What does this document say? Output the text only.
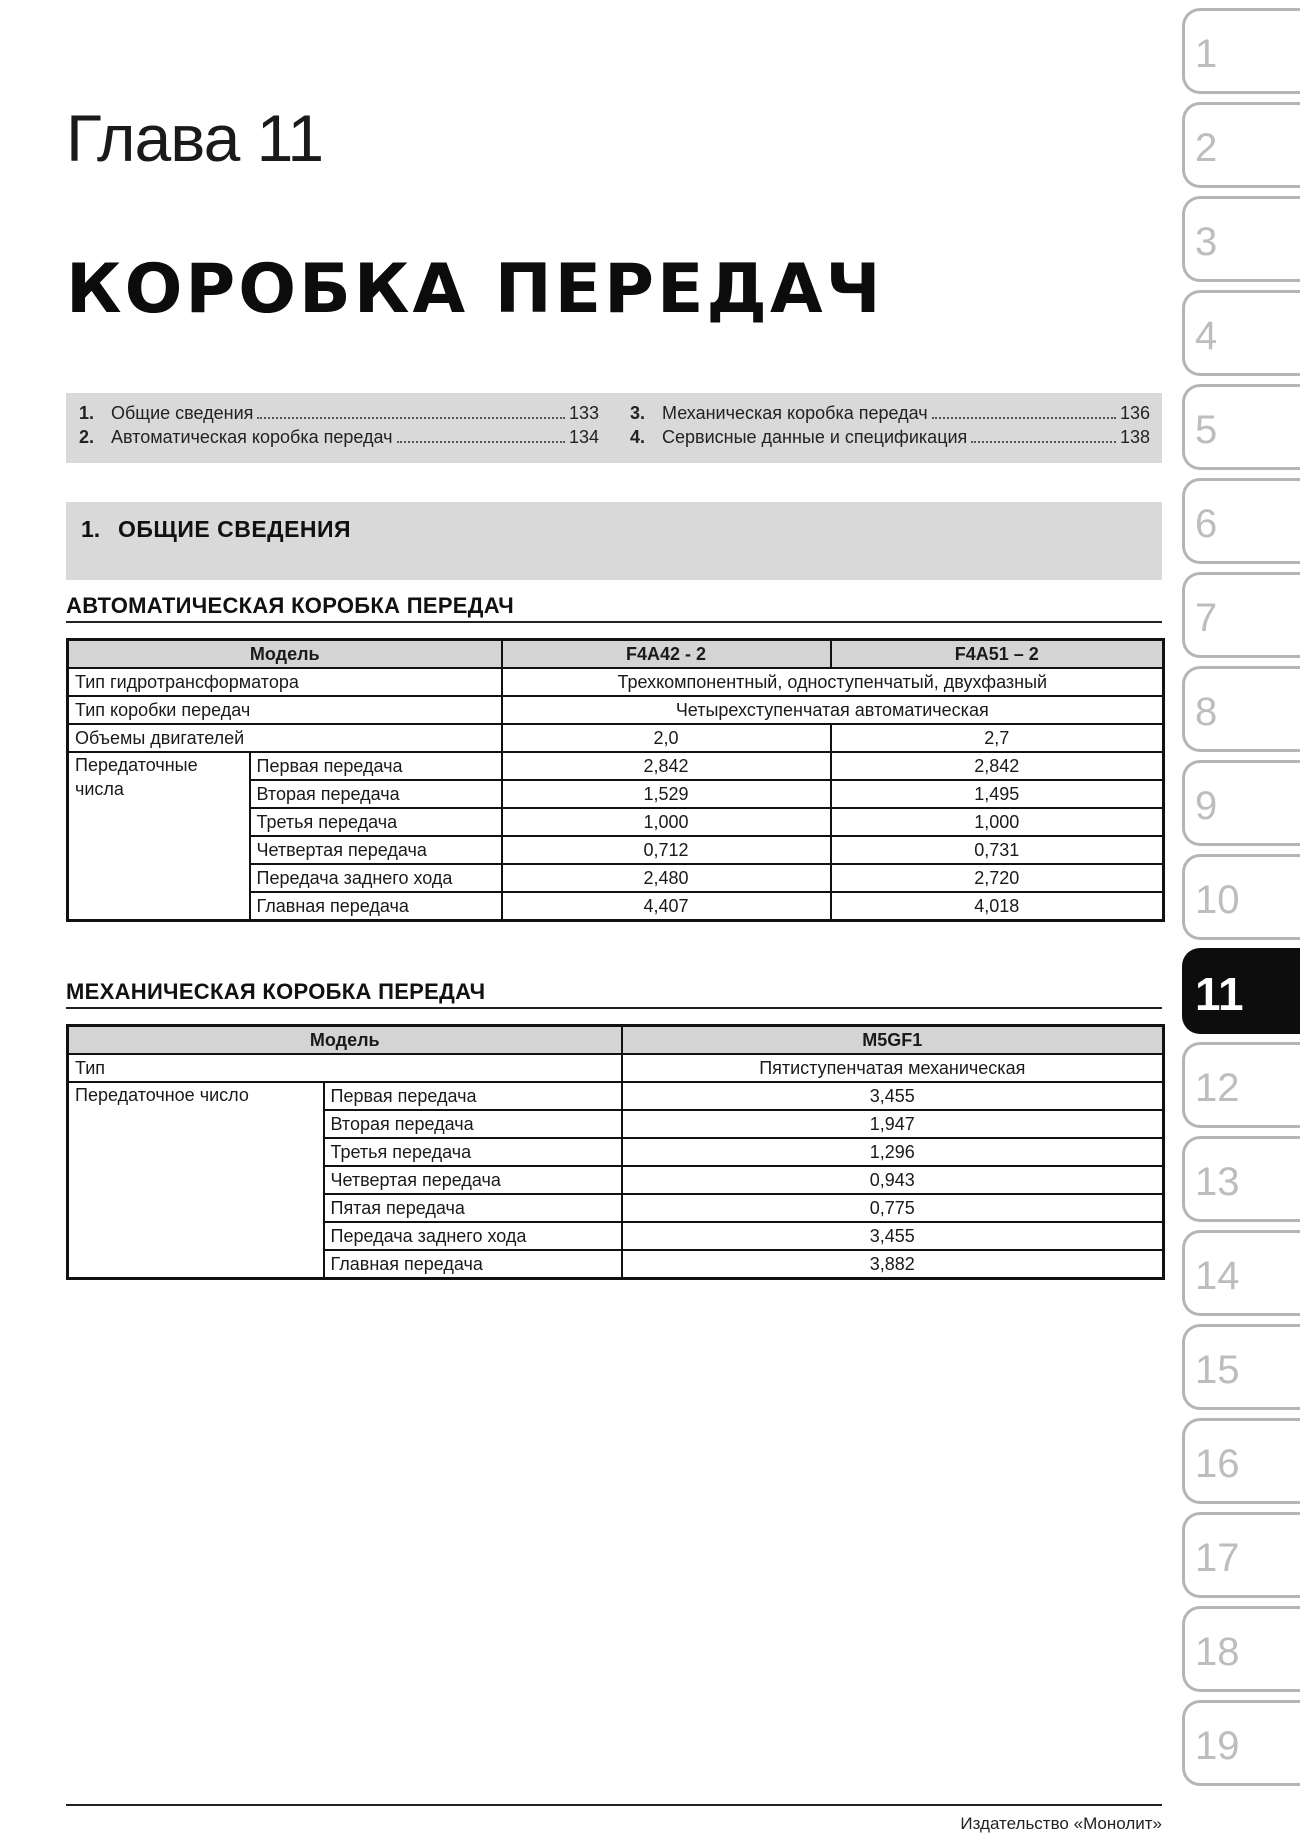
Глава 11
КОРОБКА ПЕРЕДАЧ
1. Общие сведения	133
2. Автоматическая коробка передач	134
3. Механическая коробка передач	136
4. Сервисные данные и спецификация	138
1. ОБЩИЕ СВЕДЕНИЯ
АВТОМАТИЧЕСКАЯ КОРОБКА ПЕРЕДАЧ
Модель		F4A42 - 2	F4A51 – 2
Тип гидротрансформатора		Трехкомпонентный, одноступенчатый, двухфазный	
Тип коробки передач		Четырехступенчатая автоматическая	
Объемы двигателей		2,0	2,7
Передаточные числа	Первая передача	2,842	2,842
	Вторая передача	1,529	1,495
	Третья передача	1,000	1,000
	Четвертая передача	0,712	0,731
	Передача заднего хода	2,480	2,720
	Главная передача	4,407	4,018
МЕХАНИЧЕСКАЯ КОРОБКА ПЕРЕДАЧ
Модель		M5GF1
Тип		Пятиступенчатая механическая
Передаточное число	Первая передача	3,455
	Вторая передача	1,947
	Третья передача	1,296
	Четвертая передача	0,943
	Пятая передача	0,775
	Передача заднего хода	3,455
	Главная передача	3,882
1
2
3
4
5
6
7
8
9
10
11
12
13
14
15
16
17
18
19
Издательство «Монолит»
